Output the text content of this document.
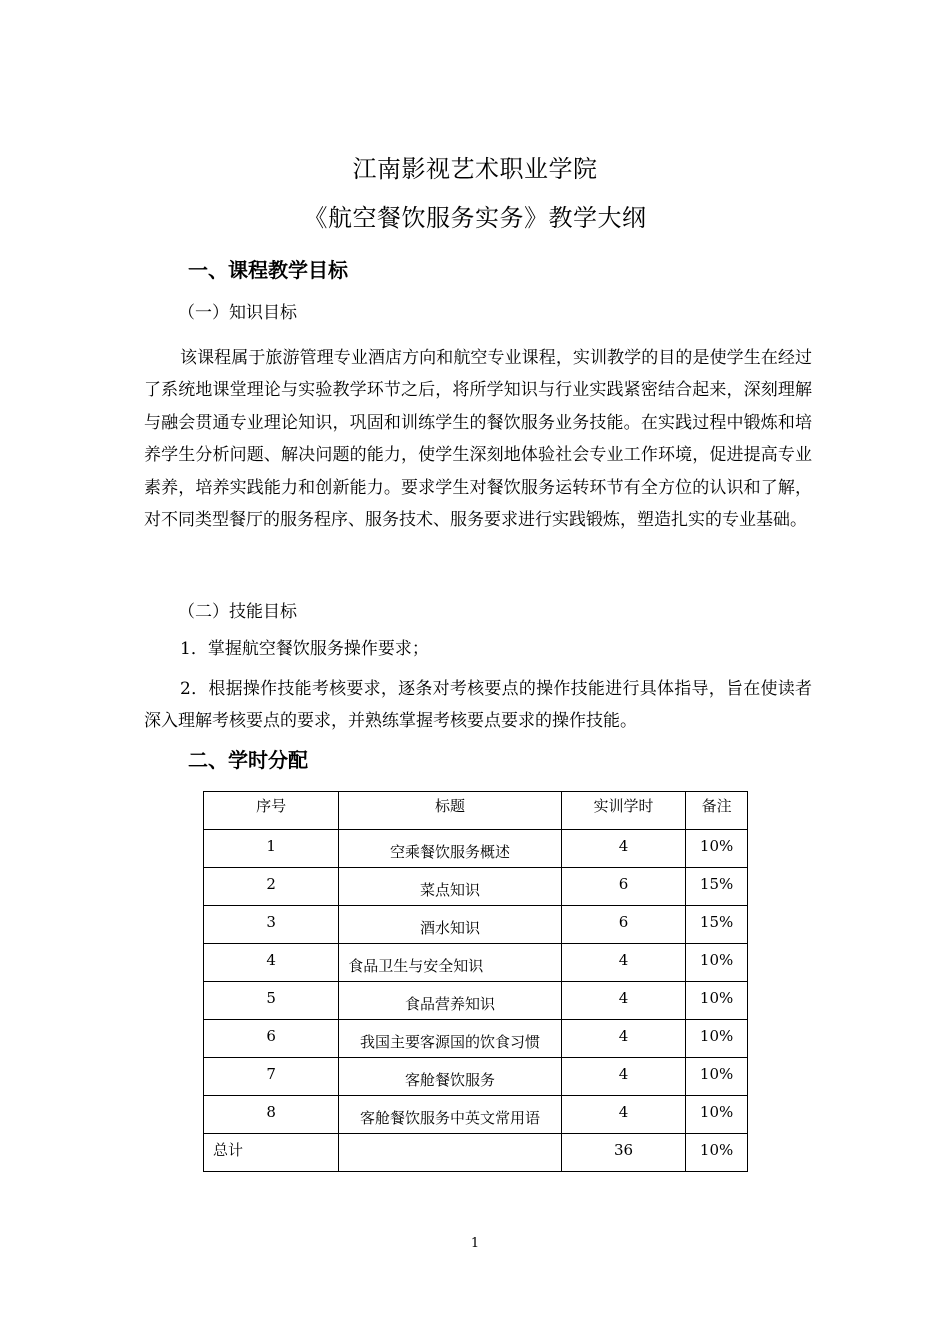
江南影视艺术职业学院
《航空餐饮服务实务》教学大纲
一、课程教学目标
（一）知识目标

该课程属于旅游管理专业酒店方向和航空专业课程，实训教学的目的是使学生在经过了系统地课堂理论与实验教学环节之后，将所学知识与行业实践紧密结合起来，深刻理解与融会贯通专业理论知识，巩固和训练学生的餐饮服务业务技能。在实践过程中锻炼和培养学生分析问题、解决问题的能力，使学生深刻地体验社会专业工作环境，促进提高专业素养，培养实践能力和创新能力。要求学生对餐饮服务运转环节有全方位的认识和了解，对不同类型餐厅的服务程序、服务技术、服务要求进行实践锻炼，塑造扎实的专业基础。

（二）技能目标
1．掌握航空餐饮服务操作要求；

2．根据操作技能考核要求，逐条对考核要点的操作技能进行具体指导，旨在使读者深入理解考核要点的要求，并熟练掌握考核要点要求的操作技能。

二、学时分配
序号	标题	实训学时	备注

1	空乘餐饮服务概述	4	10%

2	菜点知识	6	15%

3	酒水知识	6	15%

4	食品卫生与安全知识	4	10%

5	食品营养知识	4	10%

6	我国主要客源国的饮食习惯	4	10%

7	客舱餐饮服务	4	10%

8	客舱餐饮服务中英文常用语	4	10%

总计		36	10%
1
